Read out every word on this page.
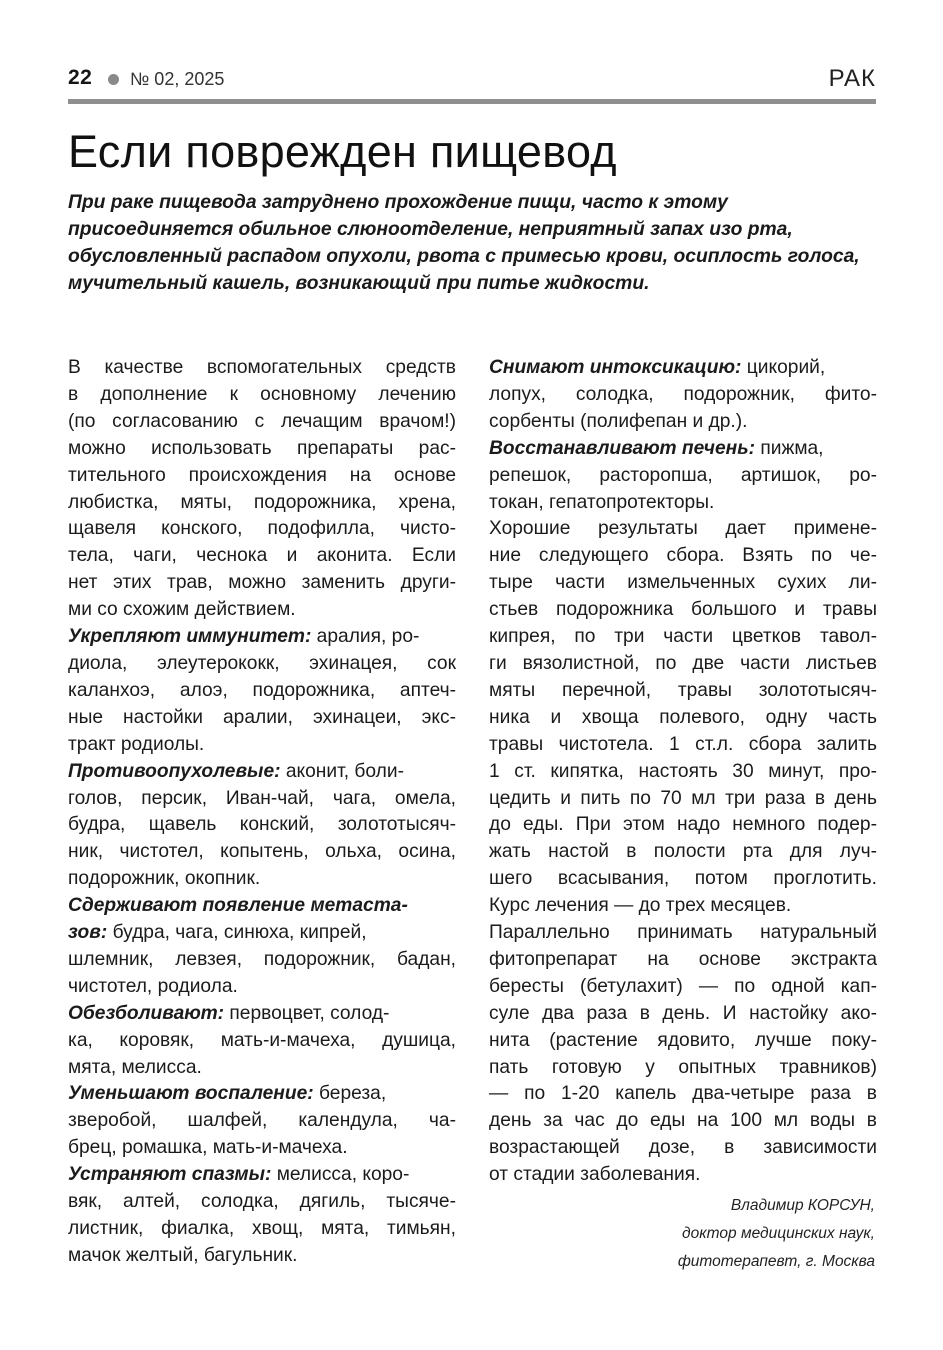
22 № 02, 2025	РАК
Если поврежден пищевод

При раке пищевода затруднено прохождение пищи, часто к этому присоединяется обильное слюноотделение, неприятный запах изо рта, обусловленный распадом опухоли, рвота с примесью крови, осиплость голоса, мучительный кашель, возникающий при питье жидкости.

В качестве вспомогательных средств
в дополнение к основному лечению
(по согласованию с лечащим врачом!)
можно использовать препараты рас-
тительного происхождения на основе
любистка, мяты, подорожника, хрена,
щавеля конского, подофилла, чисто-
тела, чаги, чеснока и аконита. Если
нет этих трав, можно заменить други-
ми со схожим действием.

Укрепляют иммунитет: аралия, ро-
диола, элеутерококк, эхинацея, сок
каланхоэ, алоэ, подорожника, аптеч-
ные настойки аралии, эхинацеи, экс-
тракт родиолы.

Противоопухолевые: аконит, боли-
голов, персик, Иван-чай, чага, омела,
будра, щавель конский, золототысяч-
ник, чистотел, копытень, ольха, осина,
подорожник, окопник.

Сдерживают появление метаста-
зов: будра, чага, синюха, кипрей,
шлемник, левзея, подорожник, бадан,
чистотел, родиола.

Обезболивают: первоцвет, солод-
ка, коровяк, мать-и-мачеха, душица,
мята, мелисса.

Уменьшают воспаление: береза,
зверобой, шалфей, календула, ча-
брец, ромашка, мать-и-мачеха.

Устраняют спазмы: мелисса, коро-
вяк, алтей, солодка, дягиль, тысяче-
листник, фиалка, хвощ, мята, тимьян,
мачок желтый, багульник.

Снимают интоксикацию: цикорий,
лопух, солодка, подорожник, фито-
сорбенты (полифепан и др.).

Восстанавливают печень: пижма,
репешок, расторопша, артишок, ро-
токан, гепатопротекторы.

Хорошие результаты дает примене-
ние следующего сбора. Взять по че-
тыре части измельченных сухих ли-
стьев подорожника большого и травы
кипрея, по три части цветков тавол-
ги вязолистной, по две части листьев
мяты перечной, травы золототысяч-
ника и хвоща полевого, одну часть
травы чистотела. 1 ст.л. сбора залить
1 ст. кипятка, настоять 30 минут, про-
цедить и пить по 70 мл три раза в день
до еды. При этом надо немного подер-
жать настой в полости рта для луч-
шего всасывания, потом проглотить.
Курс лечения — до трех месяцев.
Параллельно принимать натуральный
фитопрепарат на основе экстракта
бересты (бетулахит) — по одной кап-
суле два раза в день. И настойку ако-
нита (растение ядовито, лучше поку-
пать готовую у опытных травников)
— по 1-20 капель два-четыре раза в
день за час до еды на 100 мл воды в
возрастающей дозе, в зависимости
от стадии заболевания.

Владимир КОРСУН,
доктор медицинских наук,
фитотерапевт, г. Москва
